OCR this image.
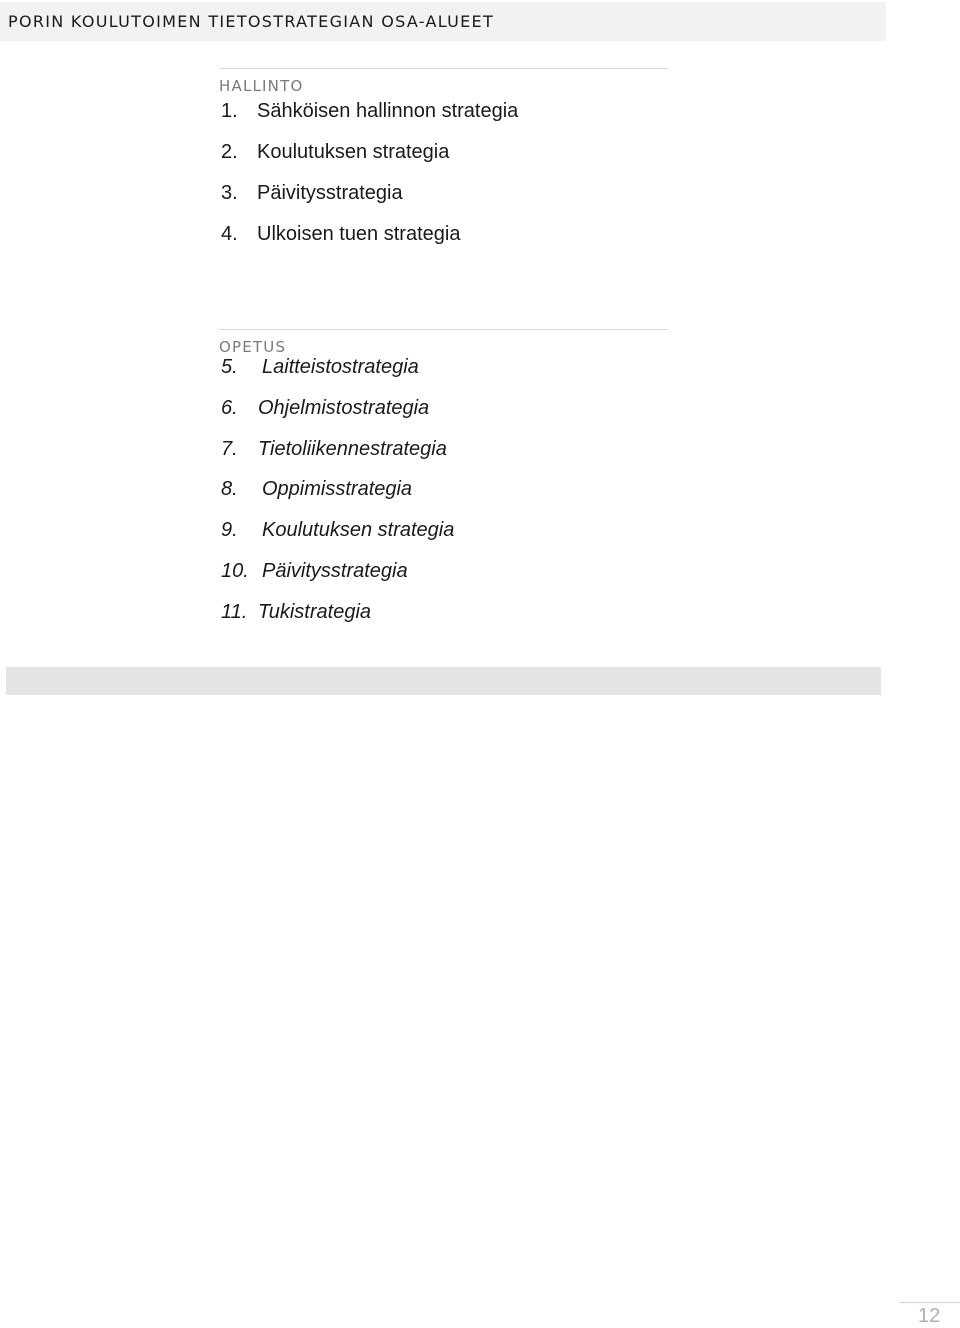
PORIN KOULUTOIMEN TIETOSTRATEGIAN OSA-ALUEET
HALLINTO
1. Sähköisen hallinnon strategia
2. Koulutuksen strategia
3. Päivitysstrategia
4. Ulkoisen tuen strategia
OPETUS
5. Laitteistostrategia
6. Ohjelmistostrategia
7. Tietoliikennestrategia
8. Oppimisstrategia
9. Koulutuksen strategia
10. Päivitysstrategia
11. Tukistrategia
12
